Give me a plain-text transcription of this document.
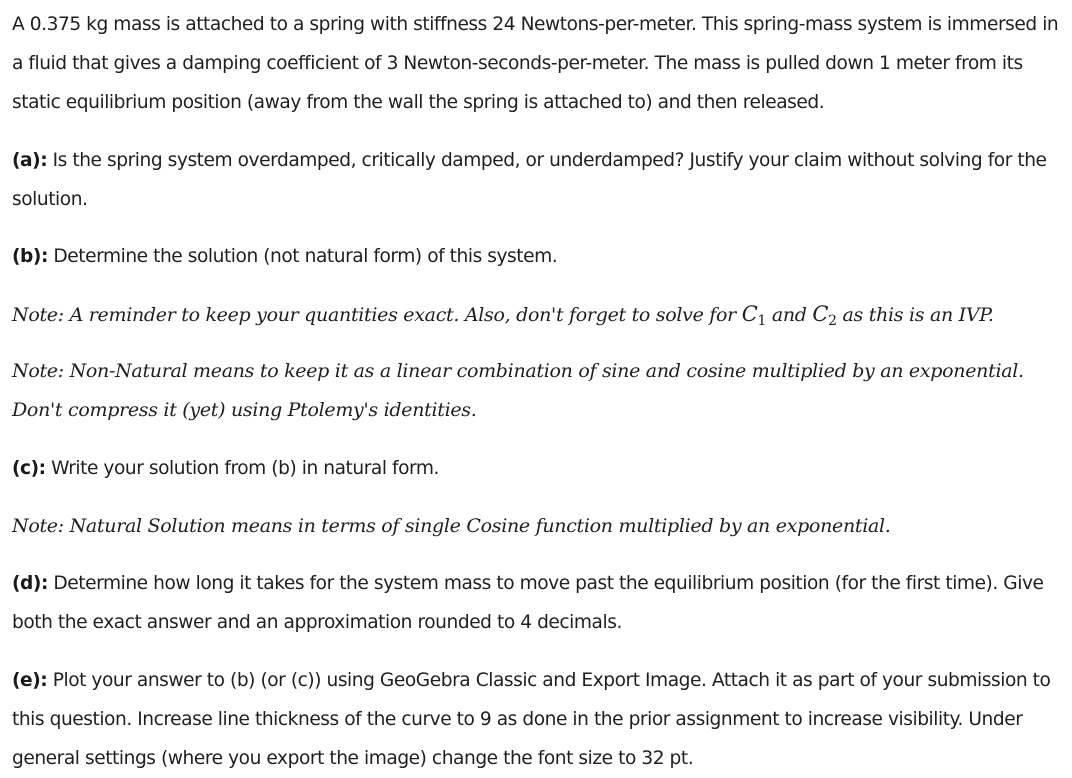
A 0.375 kg mass is attached to a spring with stiffness 24 Newtons-per-meter. This spring-mass system is immersed in a fluid that gives a damping coefficient of 3 Newton-seconds-per-meter. The mass is pulled down 1 meter from its static equilibrium position (away from the wall the spring is attached to) and then released.

(a): Is the spring system overdamped, critically damped, or underdamped? Justify your claim without solving for the solution.

(b): Determine the solution (not natural form) of this system.

Note: A reminder to keep your quantities exact. Also, don't forget to solve for $C_1$ and $C_2$ as this is an IVP.

Note: Non-Natural means to keep it as a linear combination of sine and cosine multiplied by an exponential. Don't compress it (yet) using Ptolemy's identities.

(c): Write your solution from (b) in natural form.

Note: Natural Solution means in terms of single Cosine function multiplied by an exponential.

(d): Determine how long it takes for the system mass to move past the equilibrium position (for the first time). Give both the exact answer and an approximation rounded to 4 decimals.

(e): Plot your answer to (b) (or (c)) using GeoGebra Classic and Export Image. Attach it as part of your submission to this question. Increase line thickness of the curve to 9 as done in the prior assignment to increase visibility. Under general settings (where you export the image) change the font size to 32 pt.
